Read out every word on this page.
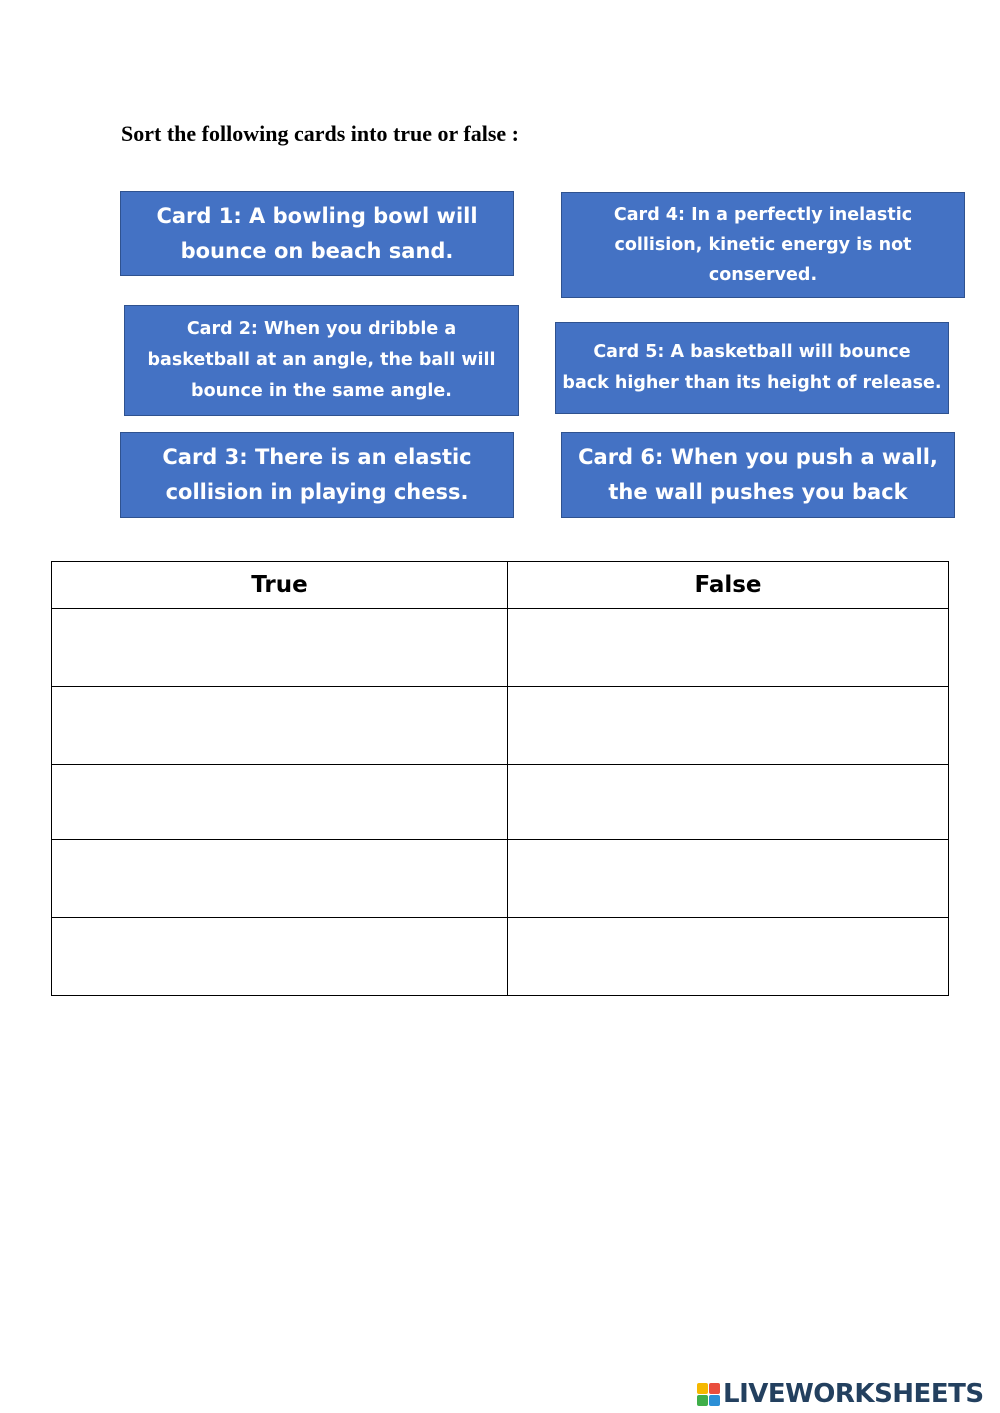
Sort the following cards into true or false :
Card 1: A bowling bowl will
bounce on beach sand.
Card 2: When you dribble a
basketball at an angle, the ball will
bounce in the same angle.
Card 3: There is an elastic
collision in playing chess.
Card 4: In a perfectly inelastic
collision, kinetic energy is not
conserved.
Card 5: A basketball will bounce
back higher than its height of release.
Card 6: When you push a wall,
the wall pushes you back
True	False

LIVEWORKSHEETS
